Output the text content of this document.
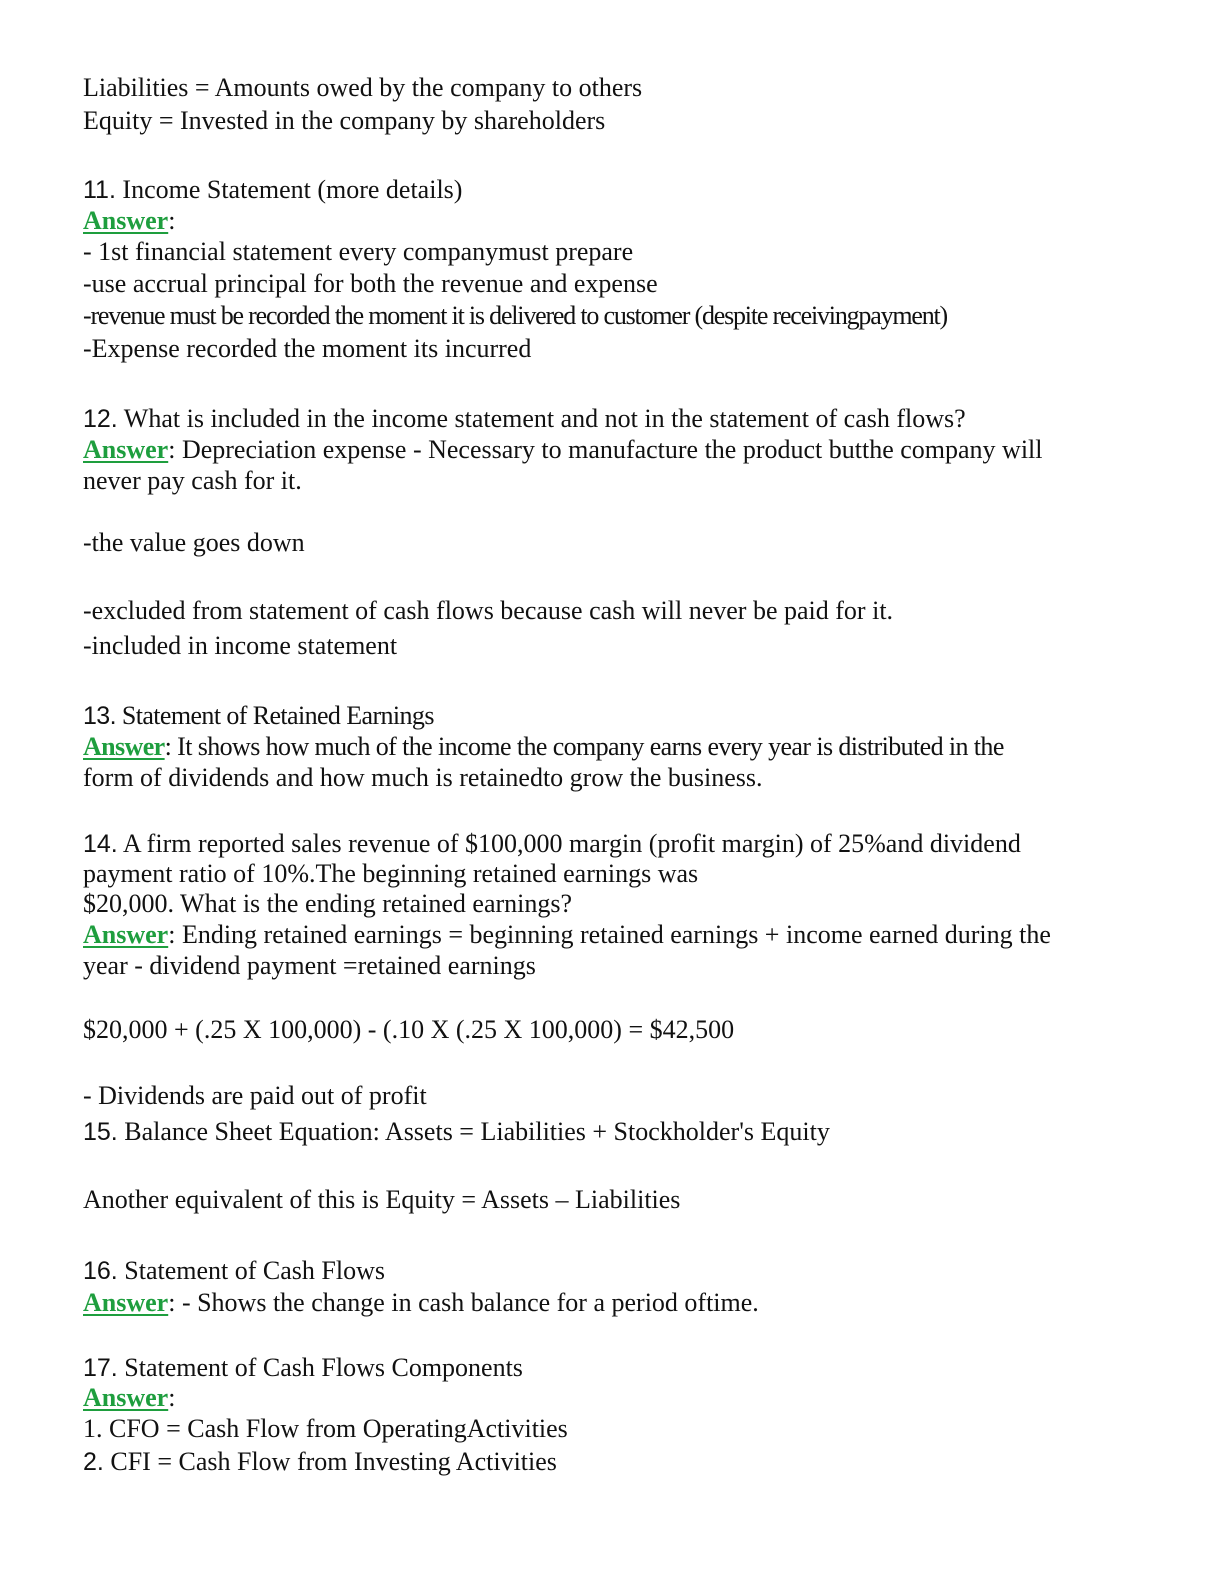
Liabilities = Amounts owed by the company to others
Equity = Invested in the company by shareholders
11. Income Statement (more details)
Answer:
- 1st financial statement every companymust prepare
-use accrual principal for both the revenue and expense
-revenue must be recorded the moment it is delivered to customer (despite receivingpayment)
-Expense recorded the moment its incurred
12. What is included in the income statement and not in the statement of cash flows?
Answer: Depreciation expense - Necessary to manufacture the product butthe company will
never pay cash for it.
-the value goes down
-excluded from statement of cash flows because cash will never be paid for it.
-included in income statement
13. Statement of Retained Earnings
Answer: It shows how much of the income the company earns every year is distributed in the
form of dividends and how much is retainedto grow the business.
14. A firm reported sales revenue of $100,000 margin (profit margin) of 25%and dividend
payment ratio of 10%.The beginning retained earnings was
$20,000. What is the ending retained earnings?
Answer: Ending retained earnings = beginning retained earnings + income earned during the
year - dividend payment =retained earnings
$20,000 + (.25 X 100,000) - (.10 X (.25 X 100,000) = $42,500
- Dividends are paid out of profit
15. Balance Sheet Equation: Assets = Liabilities + Stockholder's Equity
Another equivalent of this is Equity = Assets – Liabilities
16. Statement of Cash Flows
Answer: - Shows the change in cash balance for a period oftime.
17. Statement of Cash Flows Components
Answer:
1. CFO = Cash Flow from OperatingActivities
2. CFI = Cash Flow from Investing Activities
